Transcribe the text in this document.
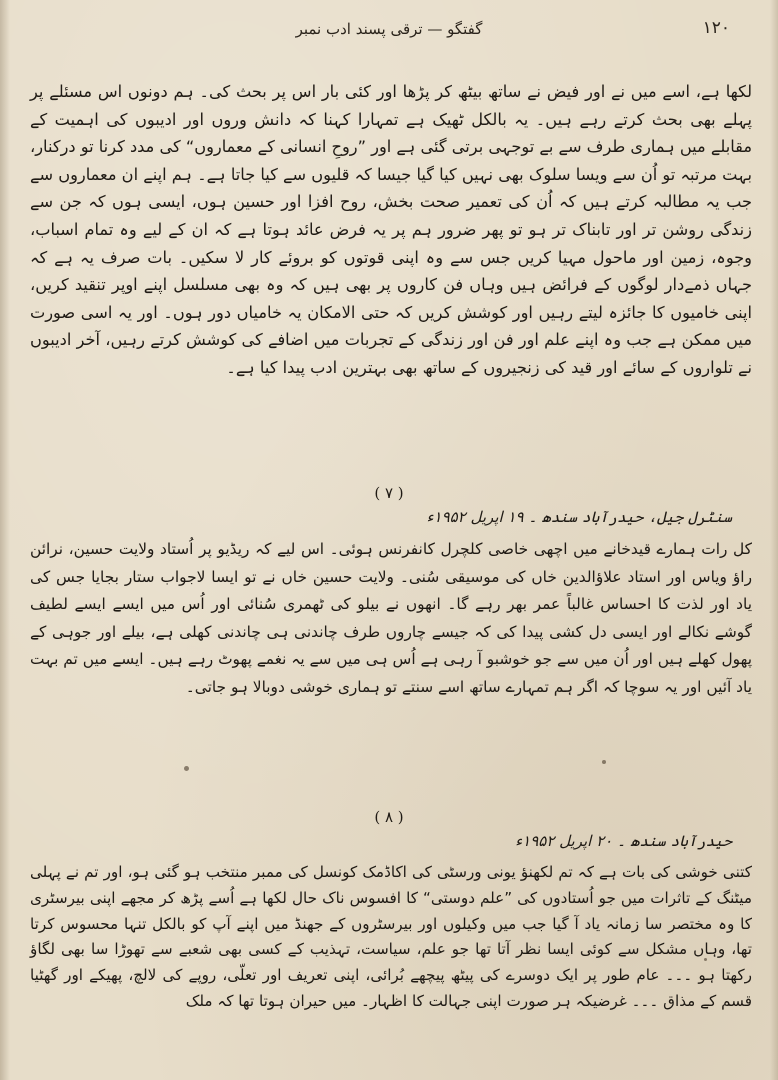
گفتگو — ترقی پسند ادب نمبر	۱۲۰

لکھا ہے، اسے میں نے اور فیض نے ساتھ بیٹھ کر پڑھا اور کئی بار اس پر بحث کی۔ ہم دونوں اس مسئلے پر پہلے بھی بحث کرتے رہے ہیں۔ یہ بالکل ٹھیک ہے تمہارا کہنا کہ دانش وروں اور ادیبوں کی اہمیت کے مقابلے میں ہماری طرف سے بے توجہی برتی گئی ہے اور ”روحِ انسانی کے معماروں“ کی مدد کرنا تو درکنار، بہت مرتبہ تو اُن سے ویسا سلوک بھی نہیں کیا گیا جیسا کہ قلیوں سے کیا جاتا ہے۔ ہم اپنے ان معماروں سے جب یہ مطالبہ کرتے ہیں کہ اُن کی تعمیر صحت بخش، روح افزا اور حسین ہوں، ایسی ہوں کہ جن سے زندگی روشن تر اور تابناک تر ہو تو پھر ضرور ہم پر یہ فرض عائد ہوتا ہے کہ ان کے لیے وہ تمام اسباب، وجوہ، زمین اور ماحول مہیا کریں جس سے وہ اپنی قوتوں کو بروئے کار لا سکیں۔ بات صرف یہ ہے کہ جہاں ذمےدار لوگوں کے فرائض ہیں وہاں فن کاروں پر بھی ہیں کہ وہ بھی مسلسل اپنے اوپر تنقید کریں، اپنی خامیوں کا جائزہ لیتے رہیں اور کوشش کریں کہ حتی الامکان یہ خامیاں دور ہوں۔ اور یہ اسی صورت میں ممکن ہے جب وہ اپنے علم اور فن اور زندگی کے تجربات میں اضافے کی کوشش کرتے رہیں، آخر ادیبوں نے تلواروں کے سائے اور قید کی زنجیروں کے ساتھ بھی بہترین ادب پیدا کیا ہے۔

( ۷ )
سنٹرل جیل، حیدرآباد سندھ ۔ ۱۹ اپریل ۱۹۵۲ء

کل رات ہمارے قیدخانے میں اچھی خاصی کلچرل کانفرنس ہوئی۔ اس لیے کہ ریڈیو پر اُستاد ولایت حسین، نرائن راؤ ویاس اور استاد علاؤالدین خاں کی موسیقی سُنی۔ ولایت حسین خاں نے تو ایسا لاجواب ستار بجایا جس کی یاد اور لذت کا احساس غالباً عمر بھر رہے گا۔ انھوں نے بیلو کی ٹھمری سُنائی اور اُس میں ایسے ایسے لطیف گوشے نکالے اور ایسی دل کشی پیدا کی کہ جیسے چاروں طرف چاندنی ہی چاندنی کھلی ہے، بیلے اور جوہی کے پھول کھلے ہیں اور اُن میں سے جو خوشبو آ رہی ہے اُس ہی میں سے یہ نغمے پھوٹ رہے ہیں۔ ایسے میں تم بہت یاد آئیں اور یہ سوچا کہ اگر ہم تمہارے ساتھ اسے سنتے تو ہماری خوشی دوبالا ہو جاتی۔

( ۸ )
حیدرآباد سندھ ۔ ۲۰ اپریل ۱۹۵۲ء

کتنی خوشی کی بات ہے کہ تم لکھنؤ یونی ورسٹی کی اکاڈمک کونسل کی ممبر منتخب ہو گئی ہو، اور تم نے پہلی میٹنگ کے تاثرات میں جو اُستادوں کی ”علم دوستی“ کا افسوس ناک حال لکھا ہے اُسے پڑھ کر مجھے اپنی بیرسٹری کا وہ مختصر سا زمانہ یاد آ گیا جب میں وکیلوں اور بیرسٹروں کے جھنڈ میں اپنے آپ کو بالکل تنہا محسوس کرتا تھا، وہاں مشکل سے کوئی ایسا نظر آتا تھا جو علم، سیاست، تہذیب کے کسی بھی شعبے سے تھوڑا سا بھی لگاؤ رکھتا ہو ۔۔۔ عام طور پر ایک دوسرے کی پیٹھ پیچھے بُرائی، اپنی تعریف اور تعلّی، روپے کی لالچ، پھیکے اور گھٹیا قسم کے مذاق ۔۔۔ غرضیکہ ہر صورت اپنی جہالت کا اظہار۔ میں حیران ہوتا تھا کہ ملک
